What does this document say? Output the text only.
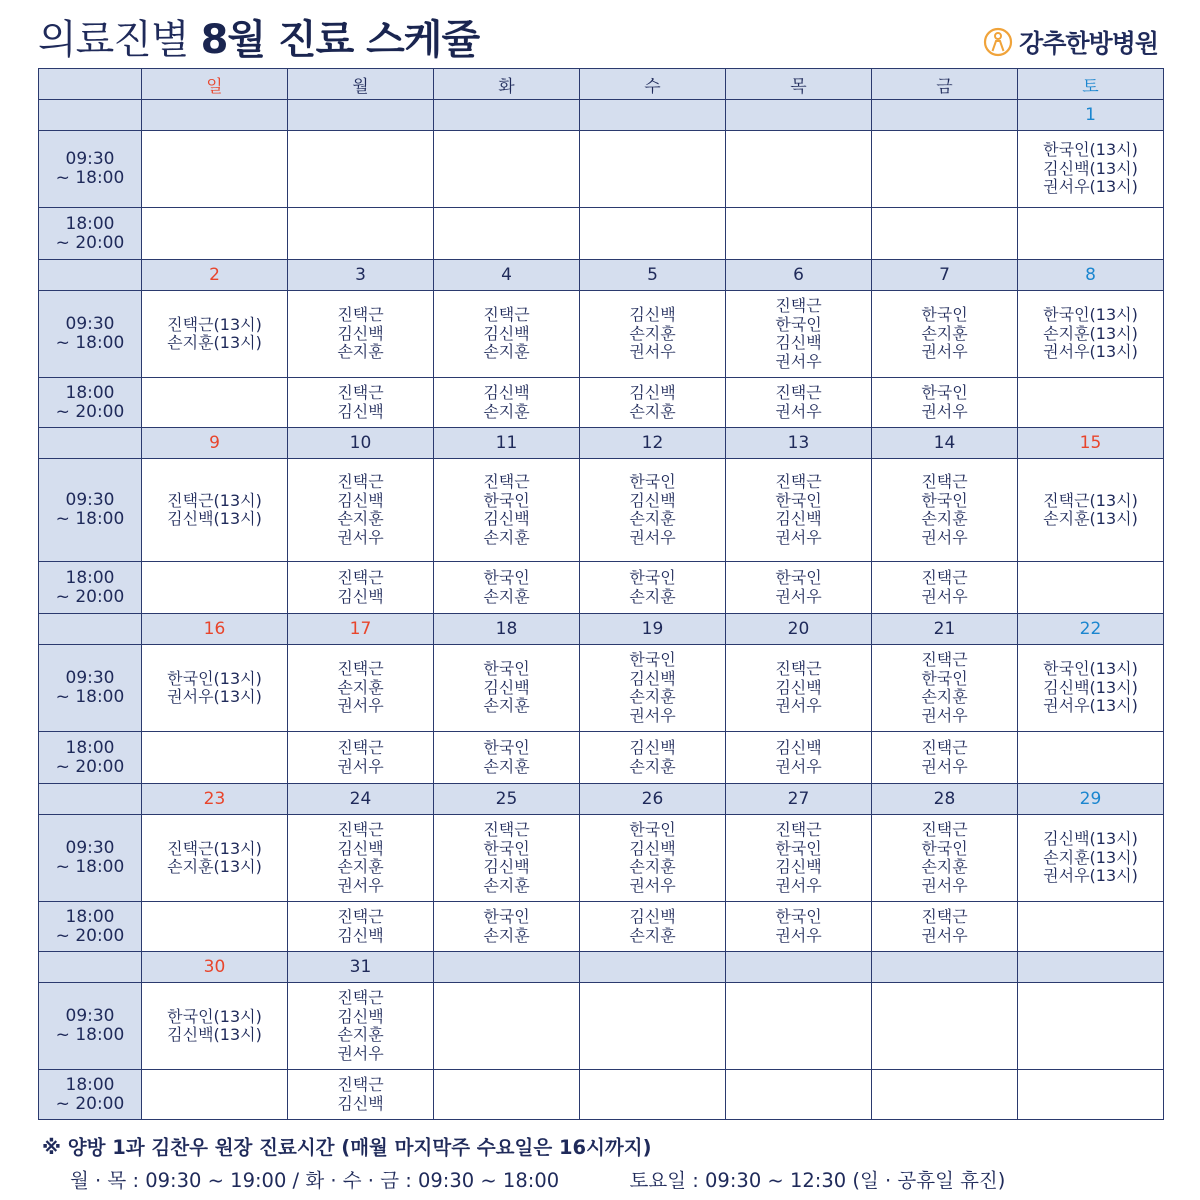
의료진별 8월 진료 스케쥴	강추한방병원
	일	월	화	수	목	금	토
							1

09:30
~ 18:00							한국인(13시)
김신백(13시)
권서우(13시)

18:00
~ 20:00							

	2	3	4	5	6	7	8

09:30
~ 18:00	진택근(13시)
손지훈(13시)	진택근
김신백
손지훈	진택근
김신백
손지훈	김신백
손지훈
권서우	진택근
한국인
김신백
권서우	한국인
손지훈
권서우	한국인(13시)
손지훈(13시)
권서우(13시)

18:00
~ 20:00		진택근
김신백	김신백
손지훈	김신백
손지훈	진택근
권서우	한국인
권서우	

	9	10	11	12	13	14	15

09:30
~ 18:00	진택근(13시)
김신백(13시)	진택근
김신백
손지훈
권서우	진택근
한국인
김신백
손지훈	한국인
김신백
손지훈
권서우	진택근
한국인
김신백
권서우	진택근
한국인
손지훈
권서우	진택근(13시)
손지훈(13시)

18:00
~ 20:00		진택근
김신백	한국인
손지훈	한국인
손지훈	한국인
권서우	진택근
권서우	

	16	17	18	19	20	21	22

09:30
~ 18:00	한국인(13시)
권서우(13시)	진택근
손지훈
권서우	한국인
김신백
손지훈	한국인
김신백
손지훈
권서우	진택근
김신백
권서우	진택근
한국인
손지훈
권서우	한국인(13시)
김신백(13시)
권서우(13시)

18:00
~ 20:00		진택근
권서우	한국인
손지훈	김신백
손지훈	김신백
권서우	진택근
권서우	

	23	24	25	26	27	28	29

09:30
~ 18:00	진택근(13시)
손지훈(13시)	진택근
김신백
손지훈
권서우	진택근
한국인
김신백
손지훈	한국인
김신백
손지훈
권서우	진택근
한국인
김신백
권서우	진택근
한국인
손지훈
권서우	김신백(13시)
손지훈(13시)
권서우(13시)

18:00
~ 20:00		진택근
김신백	한국인
손지훈	김신백
손지훈	한국인
권서우	진택근
권서우	

	30	31					

09:30
~ 18:00	한국인(13시)
김신백(13시)	진택근
김신백
손지훈
권서우					

18:00
~ 20:00		진택근
김신백					

※ 양방 1과 김찬우 원장 진료시간 (매월 마지막주 수요일은 16시까지)
월 · 목 : 09:30 ~ 19:00 / 화 · 수 · 금 : 09:30 ~ 18:00	토요일 : 09:30 ~ 12:30 (일 · 공휴일 휴진)
